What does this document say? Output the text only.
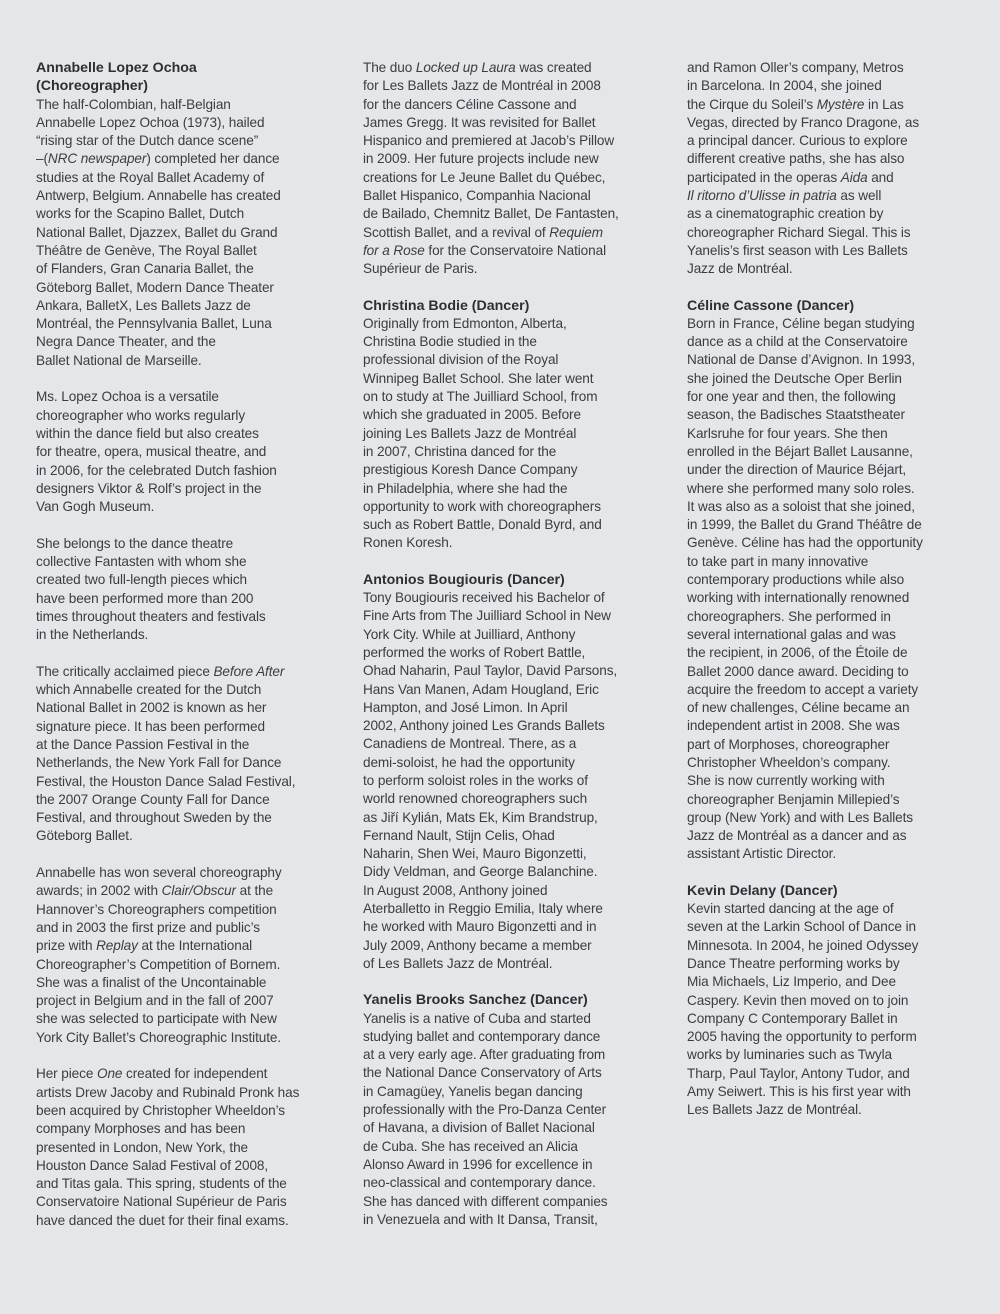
Annabelle Lopez Ochoa
(Choreographer)

The half-Colombian, half-Belgian
Annabelle Lopez Ochoa (1973), hailed
“rising star of the Dutch dance scene”
–(NRC newspaper) completed her dance
studies at the Royal Ballet Academy of
Antwerp, Belgium. Annabelle has created
works for the Scapino Ballet, Dutch
National Ballet, Djazzex, Ballet du Grand
Théâtre de Genève, The Royal Ballet
of Flanders, Gran Canaria Ballet, the
Göteborg Ballet, Modern Dance Theater
Ankara, BalletX, Les Ballets Jazz de
Montréal, the Pennsylvania Ballet, Luna
Negra Dance Theater, and the
Ballet National de Marseille.

Ms. Lopez Ochoa is a versatile
choreographer who works regularly
within the dance field but also creates
for theatre, opera, musical theatre, and
in 2006, for the celebrated Dutch fashion
designers Viktor & Rolf’s project in the
Van Gogh Museum.

She belongs to the dance theatre
collective Fantasten with whom she
created two full-length pieces which
have been performed more than 200
times throughout theaters and festivals
in the Netherlands.

The critically acclaimed piece Before After
which Annabelle created for the Dutch
National Ballet in 2002 is known as her
signature piece. It has been performed
at the Dance Passion Festival in the
Netherlands, the New York Fall for Dance
Festival, the Houston Dance Salad Festival,
the 2007 Orange County Fall for Dance
Festival, and throughout Sweden by the
Göteborg Ballet.

Annabelle has won several choreography
awards; in 2002 with Clair/Obscur at the
Hannover’s Choreographers competition
and in 2003 the first prize and public’s
prize with Replay at the International
Choreographer’s Competition of Bornem.
She was a finalist of the Uncontainable
project in Belgium and in the fall of 2007
she was selected to participate with New
York City Ballet’s Choreographic Institute.

Her piece One created for independent
artists Drew Jacoby and Rubinald Pronk has
been acquired by Christopher Wheeldon’s
company Morphoses and has been
presented in London, New York, the
Houston Dance Salad Festival of 2008,
and Titas gala. This spring, students of the
Conservatoire National Supérieur de Paris
have danced the duet for their final exams.

The duo Locked up Laura was created
for Les Ballets Jazz de Montréal in 2008
for the dancers Céline Cassone and
James Gregg. It was revisited for Ballet
Hispanico and premiered at Jacob’s Pillow
in 2009. Her future projects include new
creations for Le Jeune Ballet du Québec,
Ballet Hispanico, Companhia Nacional
de Bailado, Chemnitz Ballet, De Fantasten,
Scottish Ballet, and a revival of Requiem
for a Rose for the Conservatoire National
Supérieur de Paris.

Christina Bodie (Dancer)

Originally from Edmonton, Alberta,
Christina Bodie studied in the
professional division of the Royal
Winnipeg Ballet School. She later went
on to study at The Juilliard School, from
which she graduated in 2005. Before
joining Les Ballets Jazz de Montréal
in 2007, Christina danced for the
prestigious Koresh Dance Company
in Philadelphia, where she had the
opportunity to work with choreographers
such as Robert Battle, Donald Byrd, and
Ronen Koresh.

Antonios Bougiouris (Dancer)

Tony Bougiouris received his Bachelor of
Fine Arts from The Juilliard School in New
York City. While at Juilliard, Anthony
performed the works of Robert Battle,
Ohad Naharin, Paul Taylor, David Parsons,
Hans Van Manen, Adam Hougland, Eric
Hampton, and José Limon. In April
2002, Anthony joined Les Grands Ballets
Canadiens de Montreal. There, as a
demi-soloist, he had the opportunity
to perform soloist roles in the works of
world renowned choreographers such
as Jiří Kylián, Mats Ek, Kim Brandstrup,
Fernand Nault, Stijn Celis, Ohad
Naharin, Shen Wei, Mauro Bigonzetti,
Didy Veldman, and George Balanchine.
In August 2008, Anthony joined
Aterballetto in Reggio Emilia, Italy where
he worked with Mauro Bigonzetti and in
July 2009, Anthony became a member
of Les Ballets Jazz de Montréal.

Yanelis Brooks Sanchez (Dancer)

Yanelis is a native of Cuba and started
studying ballet and contemporary dance
at a very early age. After graduating from
the National Dance Conservatory of Arts
in Camagüey, Yanelis began dancing
professionally with the Pro-Danza Center
of Havana, a division of Ballet Nacional
de Cuba. She has received an Alicia
Alonso Award in 1996 for excellence in
neo-classical and contemporary dance.
She has danced with different companies
in Venezuela and with It Dansa, Transit,

and Ramon Oller’s company, Metros
in Barcelona. In 2004, she joined
the Cirque du Soleil’s Mystère in Las
Vegas, directed by Franco Dragone, as
a principal dancer. Curious to explore
different creative paths, she has also
participated in the operas Aida and
Il ritorno d’Ulisse in patria as well
as a cinematographic creation by
choreographer Richard Siegal. This is
Yanelis’s first season with Les Ballets
Jazz de Montréal.

Céline Cassone (Dancer)

Born in France, Céline began studying
dance as a child at the Conservatoire
National de Danse d’Avignon. In 1993,
she joined the Deutsche Oper Berlin
for one year and then, the following
season, the Badisches Staatstheater
Karlsruhe for four years. She then
enrolled in the Béjart Ballet Lausanne,
under the direction of Maurice Béjart,
where she performed many solo roles.
It was also as a soloist that she joined,
in 1999, the Ballet du Grand Théâtre de
Genève. Céline has had the opportunity
to take part in many innovative
contemporary productions while also
working with internationally renowned
choreographers. She performed in
several international galas and was
the recipient, in 2006, of the Étoile de
Ballet 2000 dance award. Deciding to
acquire the freedom to accept a variety
of new challenges, Céline became an
independent artist in 2008. She was
part of Morphoses, choreographer
Christopher Wheeldon’s company.
She is now currently working with
choreographer Benjamin Millepied’s
group (New York) and with Les Ballets
Jazz de Montréal as a dancer and as
assistant Artistic Director.

Kevin Delany (Dancer)

Kevin started dancing at the age of
seven at the Larkin School of Dance in
Minnesota. In 2004, he joined Odyssey
Dance Theatre performing works by
Mia Michaels, Liz Imperio, and Dee
Caspery. Kevin then moved on to join
Company C Contemporary Ballet in
2005 having the opportunity to perform
works by luminaries such as Twyla
Tharp, Paul Taylor, Antony Tudor, and
Amy Seiwert. This is his first year with
Les Ballets Jazz de Montréal.
